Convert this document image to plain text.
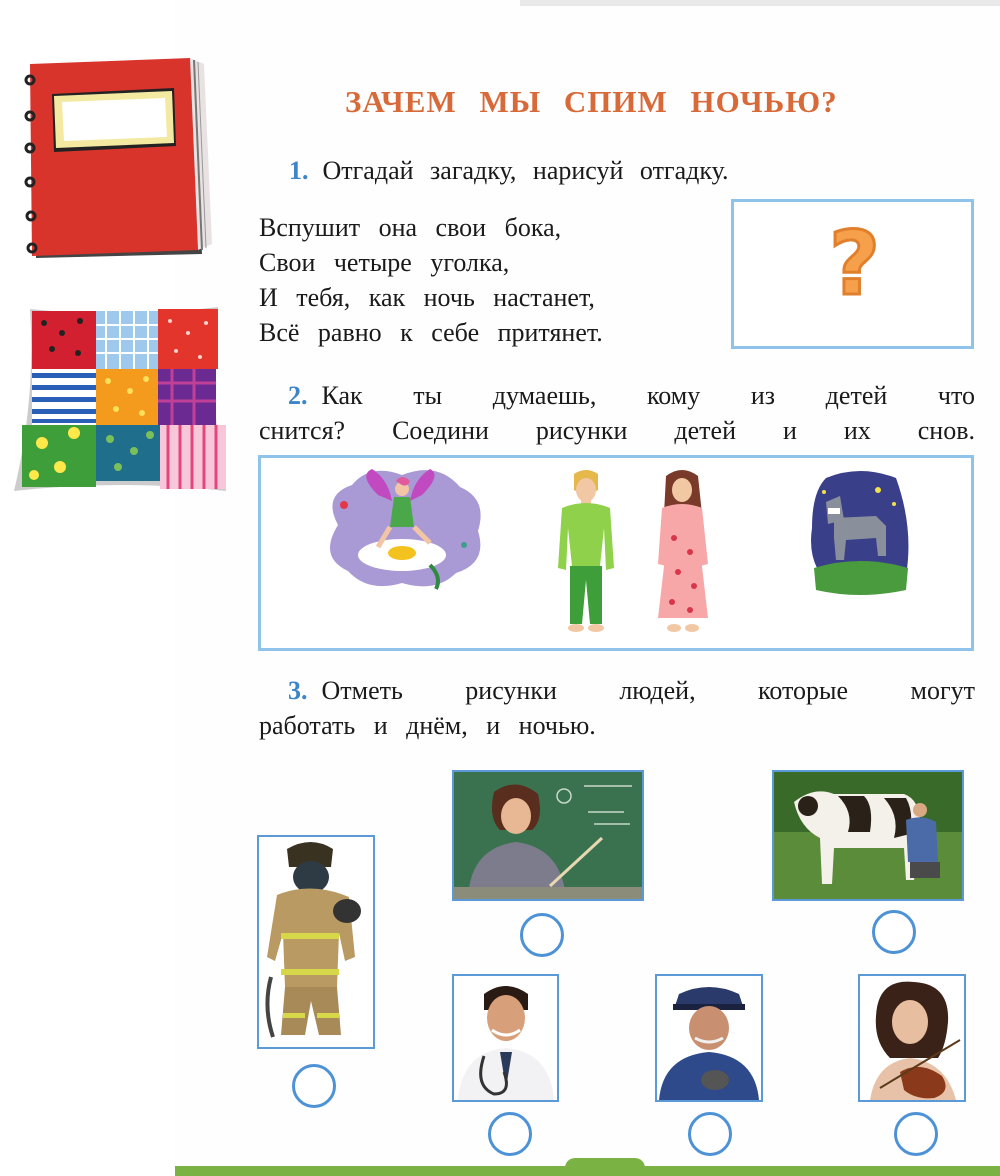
ЗАЧЕМ МЫ СПИМ НОЧЬЮ?
1. Отгадай загадку, нарисуй отгадку.
Вспушит она свои бока,
Свои четыре уголка,
И тебя, как ночь настанет,
Всё равно к себе притянет.
?
2. Как ты думаешь, кому из детей что
снится? Соедини рисунки детей и их снов.
3. Отметь рисунки людей, которые могут
работать и днём, и ночью.
